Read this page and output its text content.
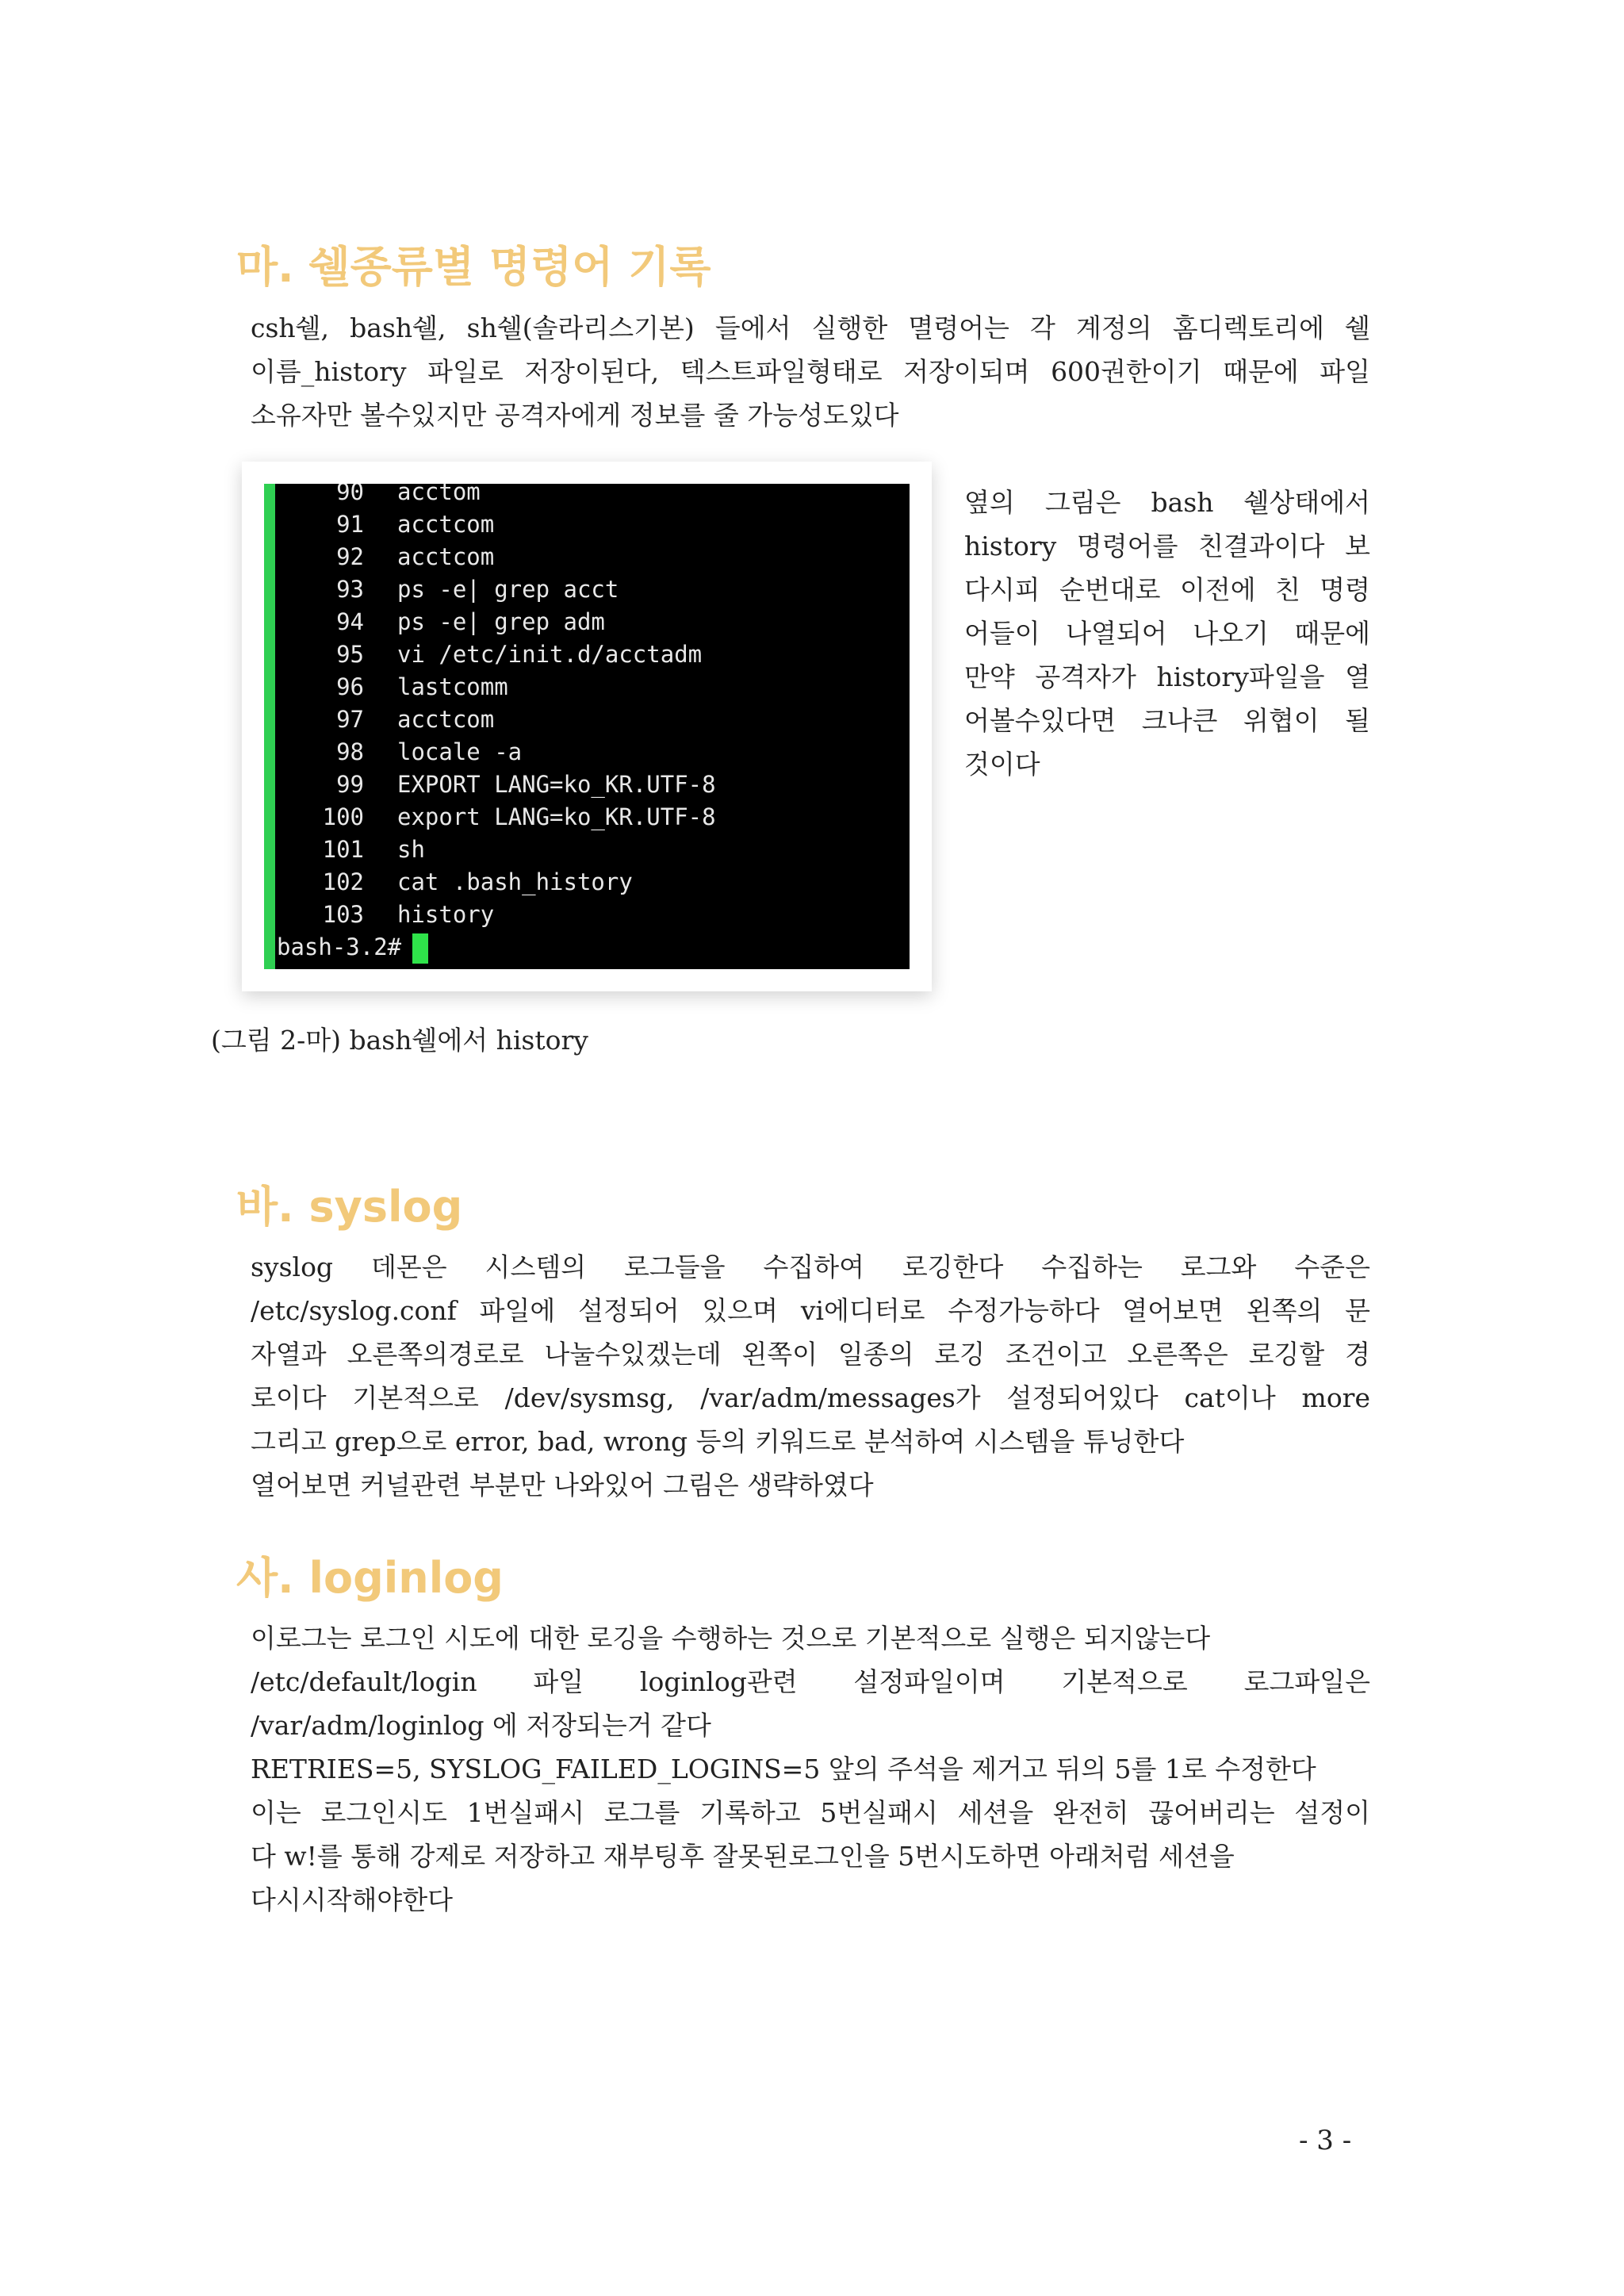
마. 쉘종류별 명령어 기록

csh쉘, bash쉘, sh쉘(솔라리스기본) 들에서 실행한 멸령어는 각 계정의 홈디렉토리에 쉘
이름_history 파일로 저장이된다, 텍스트파일형태로 저장이되며 600권한이기 때문에 파일
소유자만 볼수있지만 공격자에게 정보를 줄 가능성도있다

90 acctom
91 acctcom
92 acctcom
93 ps -e| grep acct
94 ps -e| grep adm
95 vi /etc/init.d/acctadm
96 lastcomm
97 acctcom
98 locale -a
99 EXPORT LANG=ko_KR.UTF-8
100 export LANG=ko_KR.UTF-8
101 sh
102 cat .bash_history
103 history
bash-3.2#

옆의 그림은 bash 쉘상태에서
history 명령어를 친결과이다 보
다시피 순번대로 이전에 친 명령
어들이 나열되어 나오기 때문에
만약 공격자가 history파일을 열
어볼수있다면 크나큰 위협이 될
것이다

(그림 2-마) bash쉘에서 history

바. syslog

syslog 데몬은 시스템의 로그들을 수집하여 로깅한다 수집하는 로그와 수준은
/etc/syslog.conf 파일에 설정되어 있으며 vi에디터로 수정가능하다 열어보면 왼쪽의 문
자열과 오른쪽의경로로 나눌수있겠는데 왼쪽이 일종의 로깅 조건이고 오른쪽은 로깅할 경
로이다 기본적으로 /dev/sysmsg, /var/adm/messages가 설정되어있다 cat이나 more
그리고 grep으로 error, bad, wrong 등의 키워드로 분석하여 시스템을 튜닝한다
열어보면 커널관련 부분만 나와있어 그림은 생략하였다

사. loginlog

이로그는 로그인 시도에 대한 로깅을 수행하는 것으로 기본적으로 실행은 되지않는다
/etc/default/login 파일 loginlog관련 설정파일이며 기본적으로 로그파일은
/var/adm/loginlog 에 저장되는거 같다
RETRIES=5, SYSLOG_FAILED_LOGINS=5 앞의 주석을 제거고 뒤의 5를 1로 수정한다
이는 로그인시도 1번실패시 로그를 기록하고 5번실패시 세션을 완전히 끊어버리는 설정이
다 w!를 통해 강제로 저장하고 재부팅후 잘못된로그인을 5번시도하면 아래처럼 세션을
다시시작해야한다

- 3 -
